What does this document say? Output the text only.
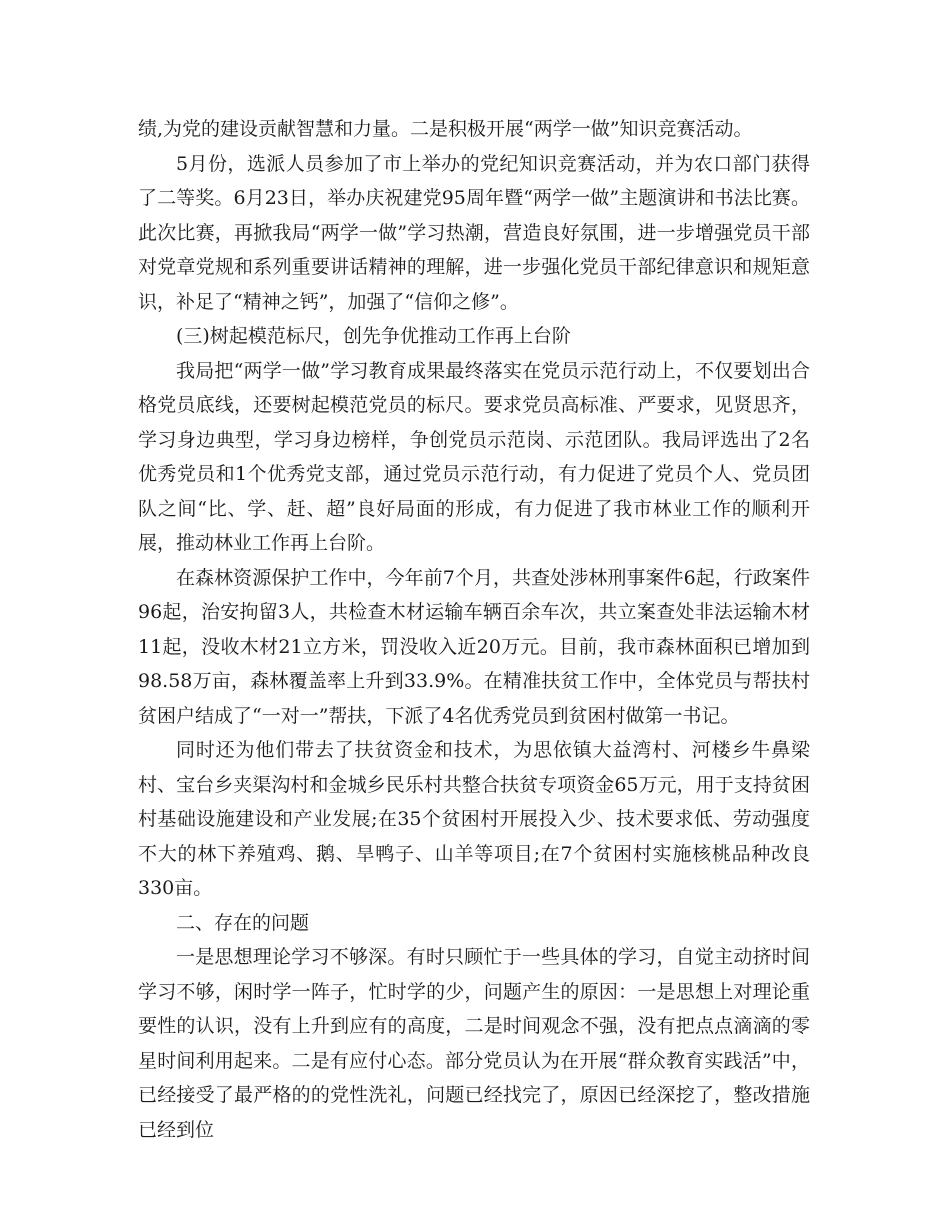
绩,为党的建设贡献智慧和力量。二是积极开展“两学一做”知识竞赛活动。

5月份，选派人员参加了市上举办的党纪知识竞赛活动，并为农口部门获得了二等奖。6月23日，举办庆祝建党95周年暨“两学一做”主题演讲和书法比赛。此次比赛，再掀我局“两学一做”学习热潮，营造良好氛围，进一步增强党员干部对党章党规和系列重要讲话精神的理解，进一步强化党员干部纪律意识和规矩意识，补足了“精神之钙”，加强了“信仰之修”。

(三)树起模范标尺，创先争优推动工作再上台阶

我局把“两学一做”学习教育成果最终落实在党员示范行动上，不仅要划出合格党员底线，还要树起模范党员的标尺。要求党员高标准、严要求，见贤思齐，学习身边典型，学习身边榜样，争创党员示范岗、示范团队。我局评选出了2名优秀党员和1个优秀党支部，通过党员示范行动，有力促进了党员个人、党员团队之间“比、学、赶、超”良好局面的形成，有力促进了我市林业工作的顺利开展，推动林业工作再上台阶。

在森林资源保护工作中，今年前7个月，共查处涉林刑事案件6起，行政案件96起，治安拘留3人，共检查木材运输车辆百余车次，共立案查处非法运输木材11起，没收木材21立方米，罚没收入近20万元。目前，我市森林面积已增加到98.58万亩，森林覆盖率上升到33.9%。在精准扶贫工作中，全体党员与帮扶村贫困户结成了“一对一”帮扶，下派了4名优秀党员到贫困村做第一书记。

同时还为他们带去了扶贫资金和技术，为思依镇大益湾村、河楼乡牛鼻梁村、宝台乡夹渠沟村和金城乡民乐村共整合扶贫专项资金65万元，用于支持贫困村基础设施建设和产业发展;在35个贫困村开展投入少、技术要求低、劳动强度不大的林下养殖鸡、鹅、旱鸭子、山羊等项目;在7个贫困村实施核桃品种改良330亩。

二、存在的问题

一是思想理论学习不够深。有时只顾忙于一些具体的学习，自觉主动挤时间学习不够，闲时学一阵子，忙时学的少，问题产生的原因：一是思想上对理论重要性的认识，没有上升到应有的高度，二是时间观念不强，没有把点点滴滴的零星时间利用起来。二是有应付心态。部分党员认为在开展“群众教育实践活”中，已经接受了最严格的的党性洗礼，问题已经找完了，原因已经深挖了，整改措施已经到位
